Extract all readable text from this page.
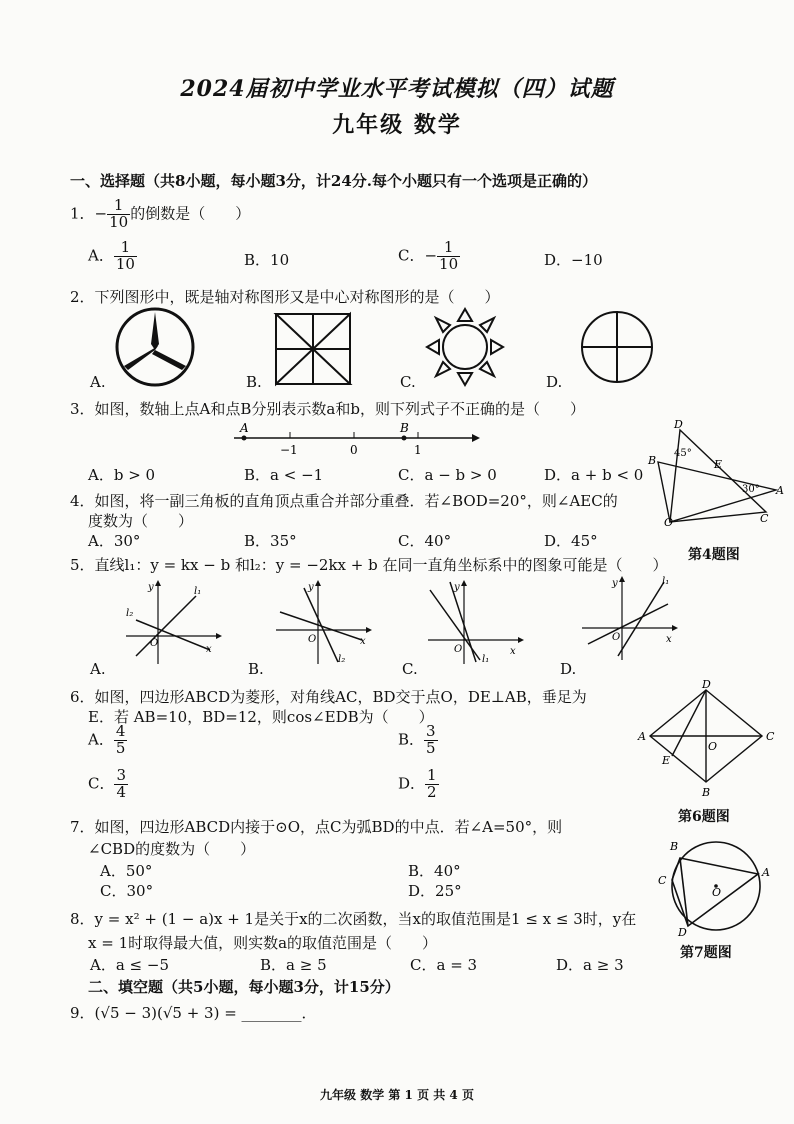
2024届初中学业水平考试模拟（四）试题
九年级 数学
一、选择题（共8小题，每小题3分，计24分.每个小题只有一个选项是正确的）
1．− $\frac{1}{10}$ 的倒数是（　　）
A． $\frac{1}{10}$	B．10	C．− $\frac{1}{10}$	D．−10
2．下列图形中，既是轴对称图形又是中心对称图形的是（　　）
A.	B.	C.	D.
3．如图，数轴上点A和点B分别表示数a和b，则下列式子不正确的是（　　）
A	B
−1	0	1
A．b > 0	B．a < −1	C．a − b > 0	D．a + b < 0
4．如图，将一副三角板的直角顶点重合并部分重叠．若∠BOD=20°，则∠AEC的
度数为（　　）
A．30°	B．35°	C．40°	D．45°
D
B	E
A
O	C
45°
30°
第4题图
5．直线l₁：y = kx − b 和l₂：y = −2kx + b 在同一直角坐标系中的图象可能是（　　）
y
x
O
l₁
l₂
y
x
O
l₂
y
x
O
l₁
y
x
O
l₁
A.	B.	C.	D.
6．如图，四边形ABCD为菱形，对角线AC，BD交于点O，DE⊥AB，垂足为
E．若 AB=10，BD=12，则cos∠EDB为（　　）
A． $\frac{4}{5}$	B． $\frac{3}{5}$
C． $\frac{3}{4}$	D． $\frac{1}{2}$
D
A	C
B
E
O
第6题图
7．如图，四边形ABCD内接于⊙O，点C为弧BD的中点．若∠A=50°，则
∠CBD的度数为（　　）
A．50°	B．40°
C．30°	D．25°
B
A
C
D
O
第7题图
8．y = x² + (1 − a)x + 1是关于x的二次函数，当x的取值范围是1 ≤ x ≤ 3时，y在
x = 1时取得最大值，则实数a的取值范围是（　　）
A．a ≤ −5	B．a ≥ 5	C．a = 3	D．a ≥ 3
二、填空题（共5小题，每小题3分，计15分）
9．(√5 − 3)(√5 + 3) = ________．
九年级 数学 第 1 页 共 4 页
